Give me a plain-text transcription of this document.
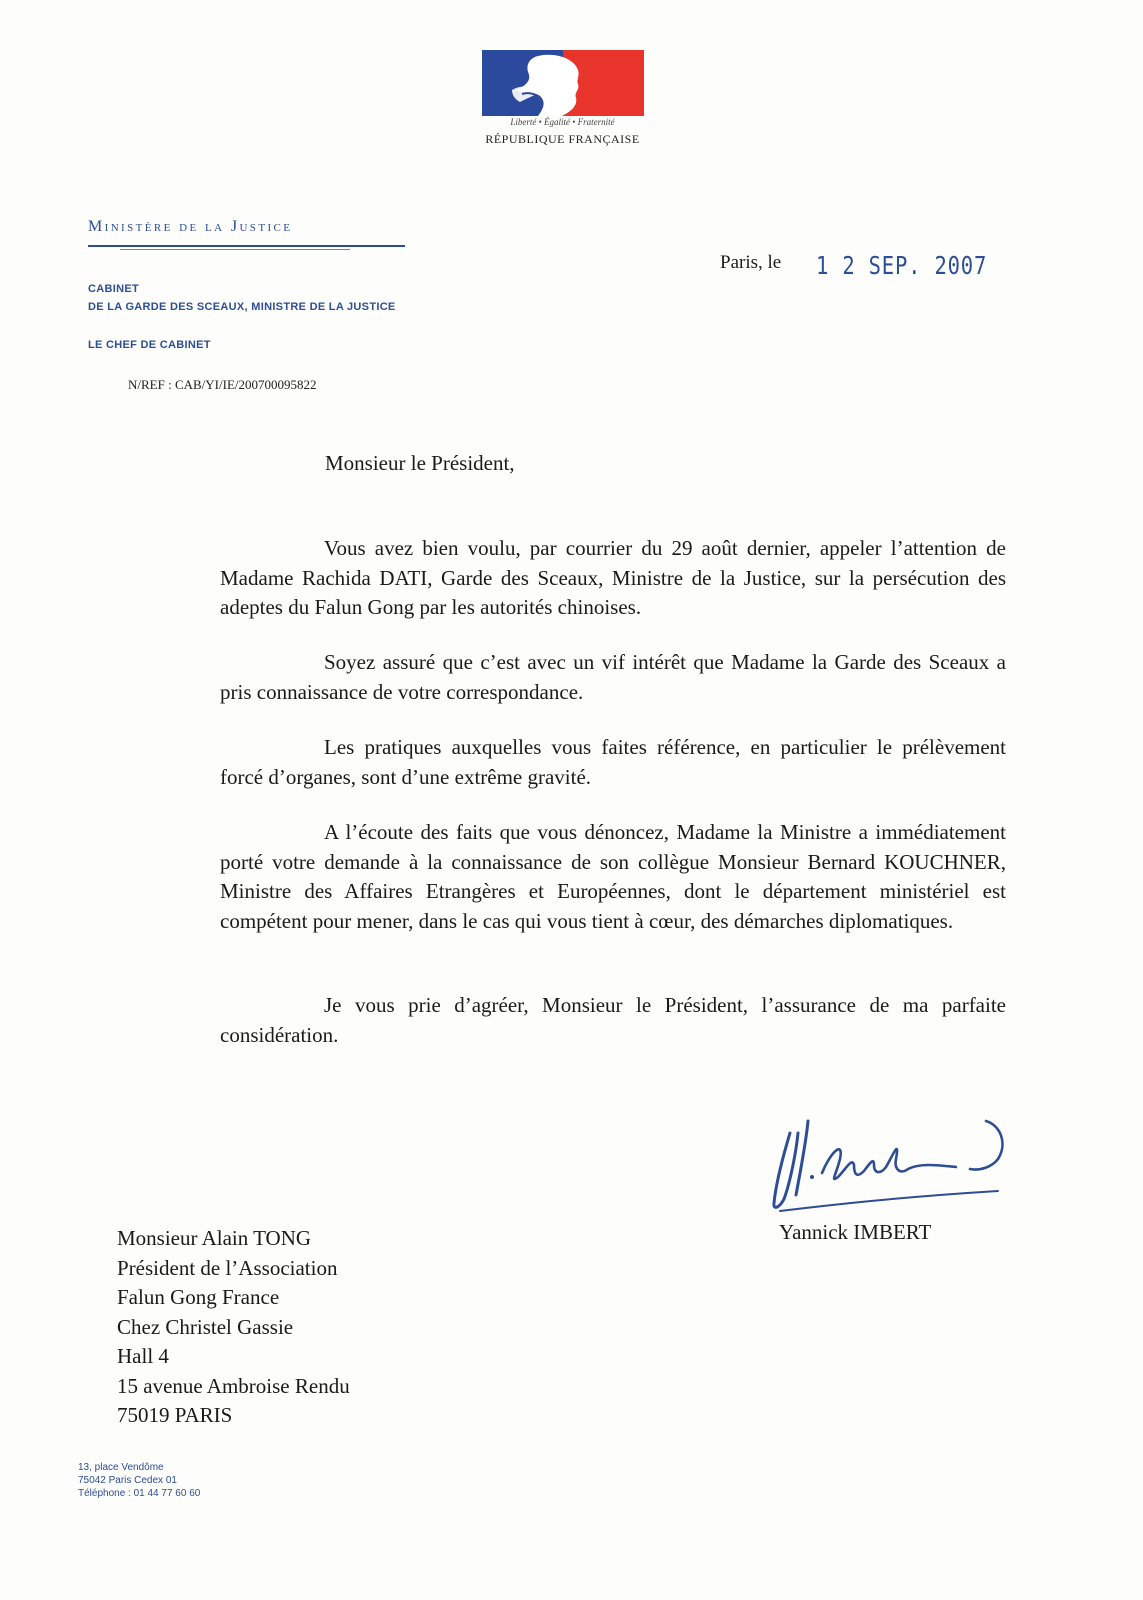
Liberté • Égalité • Fraternité
RÉPUBLIQUE FRANÇAISE
Ministère de la Justice
CABINET
DE LA GARDE DES SCEAUX, MINISTRE DE LA JUSTICE
LE CHEF DE CABINET
N/REF : CAB/YI/IE/200700095822
Paris, le 1 2 SEP. 2007
Monsieur le Président,
Vous avez bien voulu, par courrier du 29 août dernier, appeler l’attention de Madame Rachida DATI, Garde des Sceaux, Ministre de la Justice, sur la persécution des adeptes du Falun Gong par les autorités chinoises.
Soyez assuré que c’est avec un vif intérêt que Madame la Garde des Sceaux a pris connaissance de votre correspondance.
Les pratiques auxquelles vous faites référence, en particulier le prélèvement forcé d’organes, sont d’une extrême gravité.
A l’écoute des faits que vous dénoncez, Madame la Ministre a immédiatement porté votre demande à la connaissance de son collègue Monsieur Bernard KOUCHNER, Ministre des Affaires Etrangères et Européennes, dont le département ministériel est compétent pour mener, dans le cas qui vous tient à cœur, des démarches diplomatiques.
Je vous prie d’agréer, Monsieur le Président, l’assurance de ma parfaite considération.
Yannick IMBERT
Monsieur Alain TONG
Président de l’Association
Falun Gong France
Chez Christel Gassie
Hall 4
15 avenue Ambroise Rendu
75019 PARIS
13, place Vendôme
75042 Paris Cedex 01
Téléphone : 01 44 77 60 60
